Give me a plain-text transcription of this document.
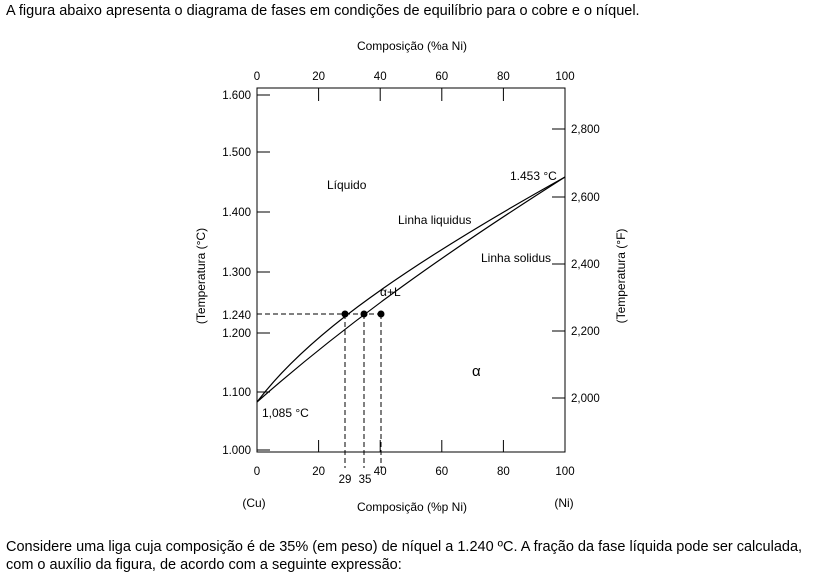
A figura abaixo apresenta o diagrama de fases em condições de equilíbrio para o cobre e o níquel.
Composição (%a Ni)
Composição (%p Ni)
(Temperatura (°C)	(Temperatura (°F)
(Cu)	(Ni)
0	20	40	60	80	100
0	20	40	60	80	100
29 35
1.600
1.500
1.400
1.300
1.240
1.200
1.100
1.000
2,800
2,600
2,400
2,200
2,000
Líquido
Linha liquidus
Linha solidus
α+L
α
1,085 °C
1.453 °C
Considere uma liga cuja composição é de 35% (em peso) de níquel a 1.240 ºC. A fração da fase líquida pode ser calculada, com o auxílio da figura, de acordo com a seguinte expressão:
